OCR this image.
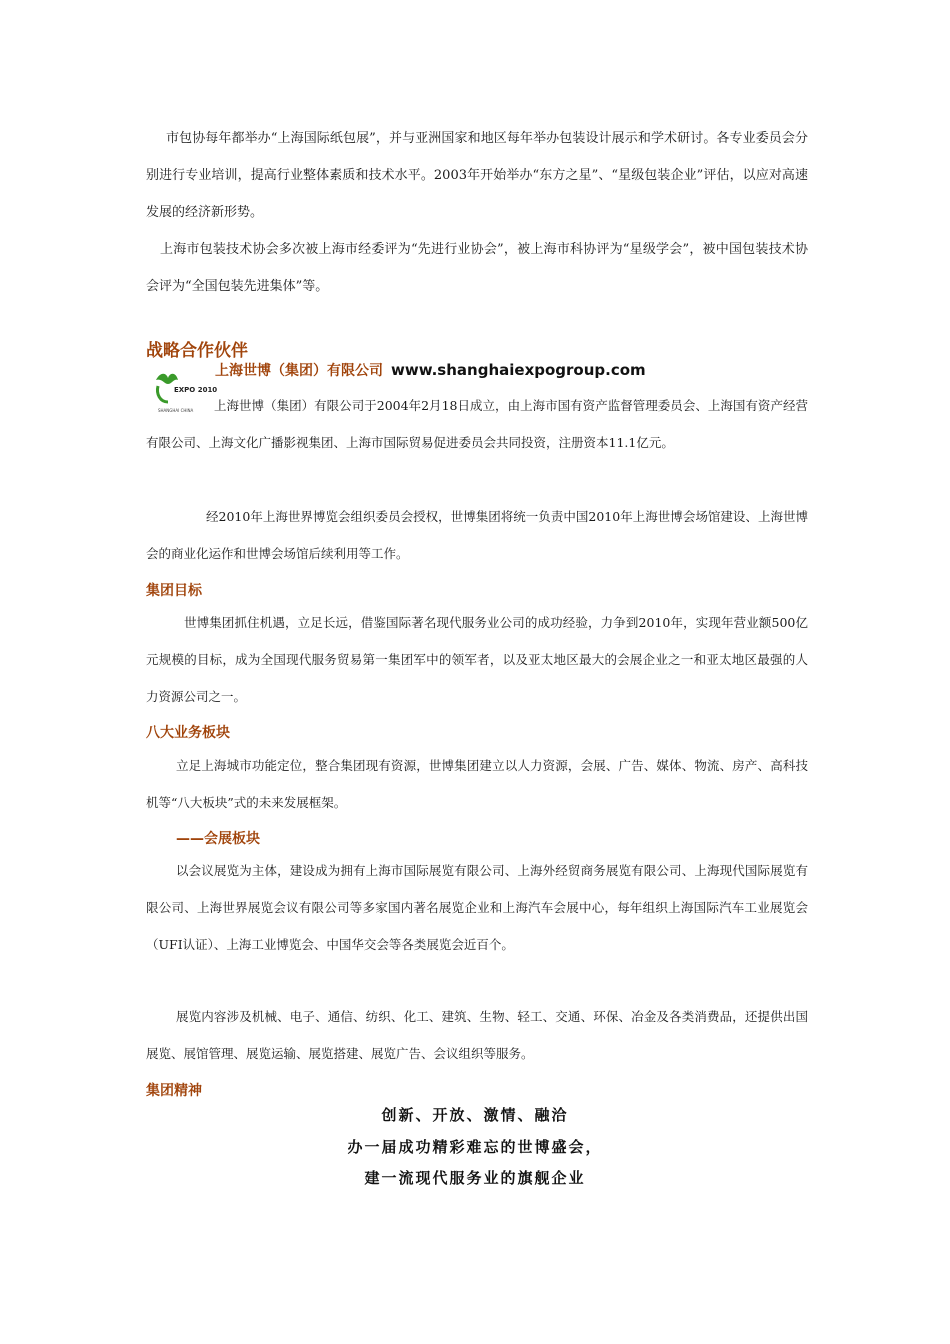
市包协每年都举办“上海国际纸包展”，并与亚洲国家和地区每年举办包装设计展示和学术研讨。各专业委员会分别进行专业培训，提高行业整体素质和技术水平。2003年开始举办“东方之星”、“星级包装企业”评估，以应对高速发展的经济新形势。

上海市包装技术协会多次被上海市经委评为“先进行业协会”，被上海市科协评为“星级学会”，被中国包装技术协会评为“全国包装先进集体”等。

战略合作伙伴
EXPO 2010
SHANGHAI CHINA
上海世博（集团）有限公司 www.shanghaiexpogroup.com

上海世博（集团）有限公司于2004年2月18日成立，由上海市国有资产监督管理委员会、上海国有资产经营有限公司、上海文化广播影视集团、上海市国际贸易促进委员会共同投资，注册资本11.1亿元。

经2010年上海世界博览会组织委员会授权，世博集团将统一负责中国2010年上海世博会场馆建设、上海世博会的商业化运作和世博会场馆后续利用等工作。

集团目标

世博集团抓住机遇，立足长远，借鉴国际著名现代服务业公司的成功经验，力争到2010年，实现年营业额500亿元规模的目标，成为全国现代服务贸易第一集团军中的领军者，以及亚太地区最大的会展企业之一和亚太地区最强的人力资源公司之一。

八大业务板块

立足上海城市功能定位，整合集团现有资源，世博集团建立以人力资源，会展、广告、媒体、物流、房产、高科技机等“八大板块”式的未来发展框架。

——会展板块

以会议展览为主体，建设成为拥有上海市国际展览有限公司、上海外经贸商务展览有限公司、上海现代国际展览有限公司、上海世界展览会议有限公司等多家国内著名展览企业和上海汽车会展中心，每年组织上海国际汽车工业展览会（UFI认证）、上海工业博览会、中国华交会等各类展览会近百个。

展览内容涉及机械、电子、通信、纺织、化工、建筑、生物、轻工、交通、环保、冶金及各类消费品，还提供出国展览、展馆管理、展览运输、展览搭建、展览广告、会议组织等服务。

集团精神

创新、开放、激情、融洽

办一届成功精彩难忘的世博盛会，

建一流现代服务业的旗舰企业
